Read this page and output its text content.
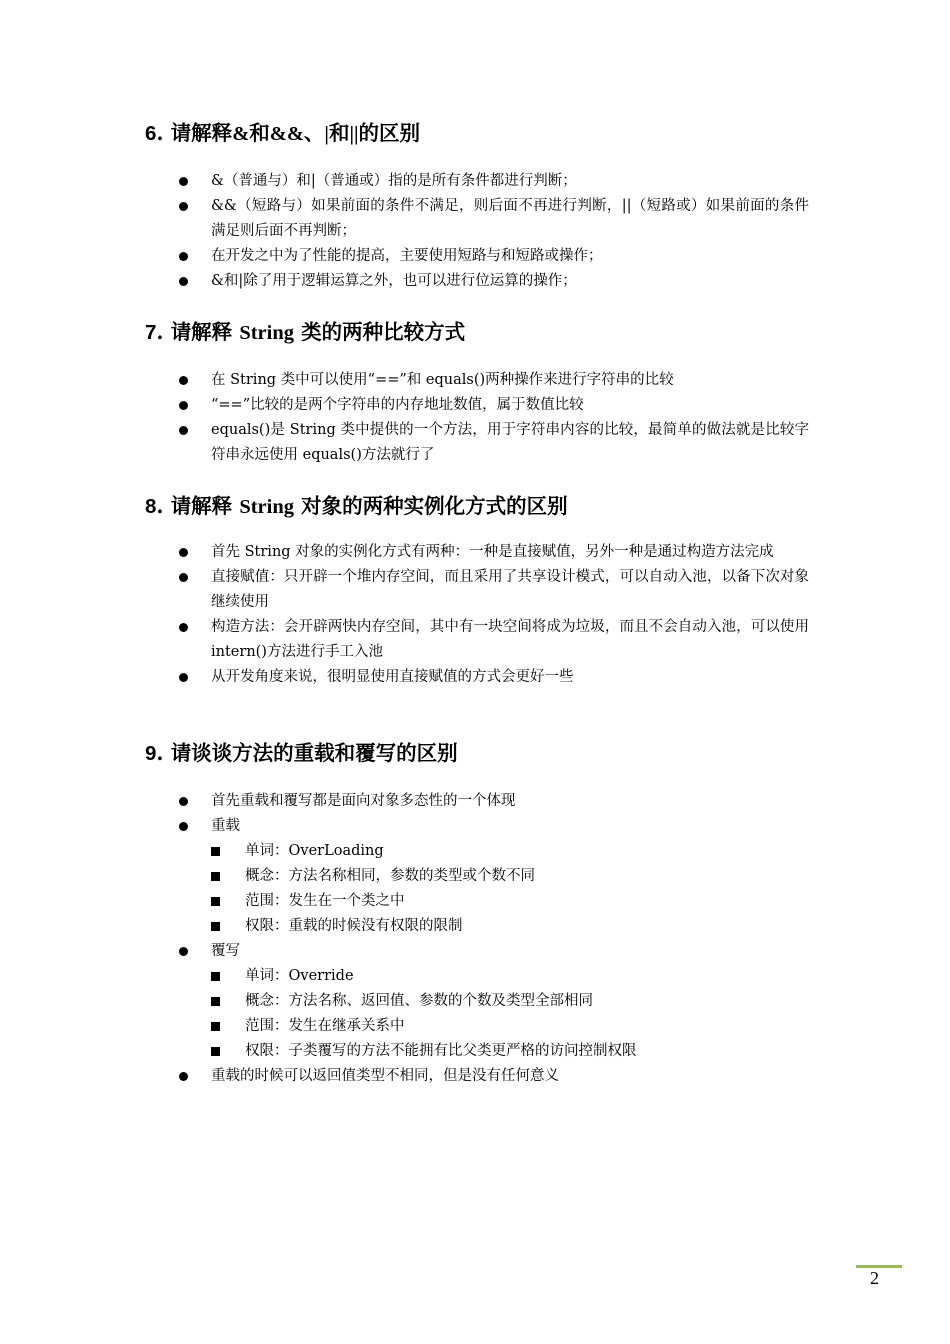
6. 请解释&和&&、|和||的区别
&（普通与）和|（普通或）指的是所有条件都进行判断；
&&（短路与）如果前面的条件不满足，则后面不再进行判断，||（短路或）如果前面的条件满足则后面不再判断；
在开发之中为了性能的提高，主要使用短路与和短路或操作；
&和|除了用于逻辑运算之外，也可以进行位运算的操作；
7. 请解释 String 类的两种比较方式
在 String 类中可以使用“==”和 equals()两种操作来进行字符串的比较
“==”比较的是两个字符串的内存地址数值，属于数值比较
equals()是 String 类中提供的一个方法，用于字符串内容的比较，最简单的做法就是比较字符串永远使用 equals()方法就行了
8. 请解释 String 对象的两种实例化方式的区别
首先 String 对象的实例化方式有两种：一种是直接赋值，另外一种是通过构造方法完成
直接赋值：只开辟一个堆内存空间，而且采用了共享设计模式，可以自动入池，以备下次对象继续使用
构造方法：会开辟两快内存空间，其中有一块空间将成为垃圾，而且不会自动入池，可以使用 intern()方法进行手工入池
从开发角度来说，很明显使用直接赋值的方式会更好一些
9. 请谈谈方法的重载和覆写的区别
首先重载和覆写都是面向对象多态性的一个体现
重载
单词：OverLoading
概念：方法名称相同，参数的类型或个数不同
范围：发生在一个类之中
权限：重载的时候没有权限的限制
覆写
单词：Override
概念：方法名称、返回值、参数的个数及类型全部相同
范围：发生在继承关系中
权限：子类覆写的方法不能拥有比父类更严格的访问控制权限
重载的时候可以返回值类型不相同，但是没有任何意义
2
